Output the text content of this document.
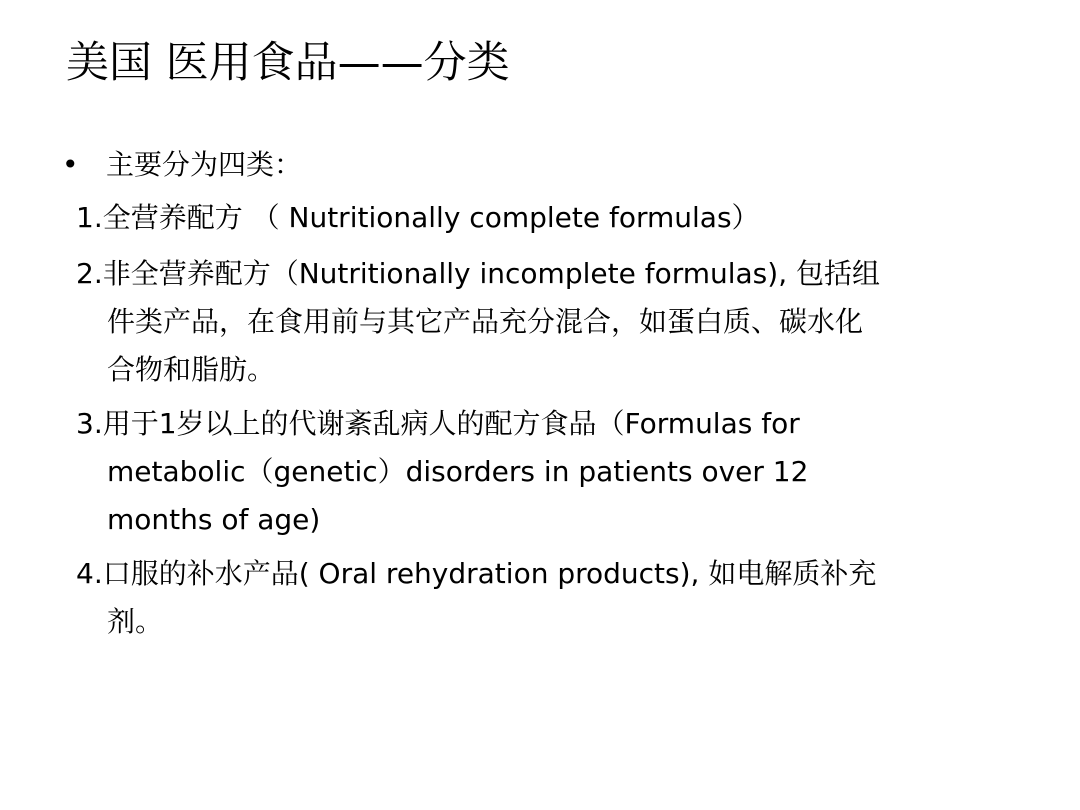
美国 医用食品——分类
• 主要分为四类：
1.全营养配方 （ Nutritionally complete formulas）
2.非全营养配方（Nutritionally incomplete formulas), 包括组
件类产品，在食用前与其它产品充分混合，如蛋白质、碳水化
合物和脂肪。
3.用于1岁以上的代谢紊乱病人的配方食品（Formulas for
metabolic（genetic）disorders in patients over 12
months of age)
4.口服的补水产品( Oral rehydration products), 如电解质补充
剂。
